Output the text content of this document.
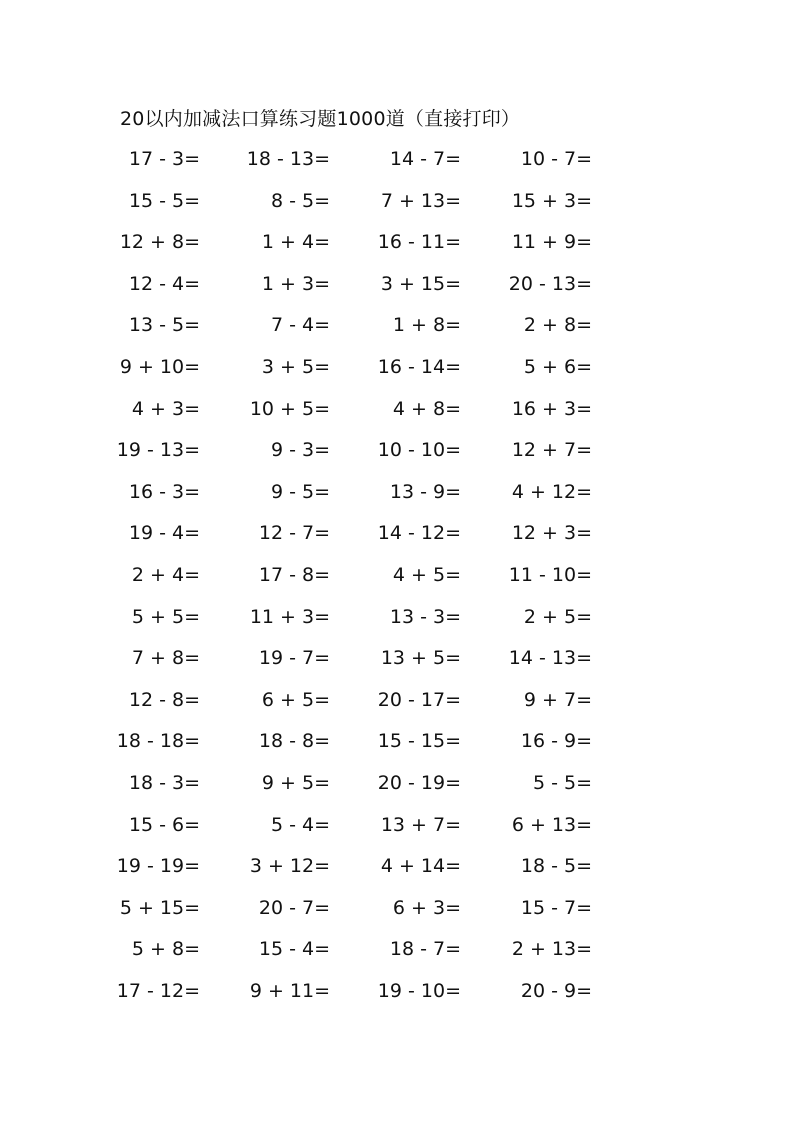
20以内加减法口算练习题1000道（直接打印）
17 - 3=	18 - 13=	14 - 7=	10 - 7=
15 - 5=	8 - 5=	7 + 13=	15 + 3=
12 + 8=	1 + 4=	16 - 11=	11 + 9=
12 - 4=	1 + 3=	3 + 15=	20 - 13=
13 - 5=	7 - 4=	1 + 8=	2 + 8=
9 + 10=	3 + 5=	16 - 14=	5 + 6=
4 + 3=	10 + 5=	4 + 8=	16 + 3=
19 - 13=	9 - 3=	10 - 10=	12 + 7=
16 - 3=	9 - 5=	13 - 9=	4 + 12=
19 - 4=	12 - 7=	14 - 12=	12 + 3=
2 + 4=	17 - 8=	4 + 5=	11 - 10=
5 + 5=	11 + 3=	13 - 3=	2 + 5=
7 + 8=	19 - 7=	13 + 5=	14 - 13=
12 - 8=	6 + 5=	20 - 17=	9 + 7=
18 - 18=	18 - 8=	15 - 15=	16 - 9=
18 - 3=	9 + 5=	20 - 19=	5 - 5=
15 - 6=	5 - 4=	13 + 7=	6 + 13=
19 - 19=	3 + 12=	4 + 14=	18 - 5=
5 + 15=	20 - 7=	6 + 3=	15 - 7=
5 + 8=	15 - 4=	18 - 7=	2 + 13=
17 - 12=	9 + 11=	19 - 10=	20 - 9=
